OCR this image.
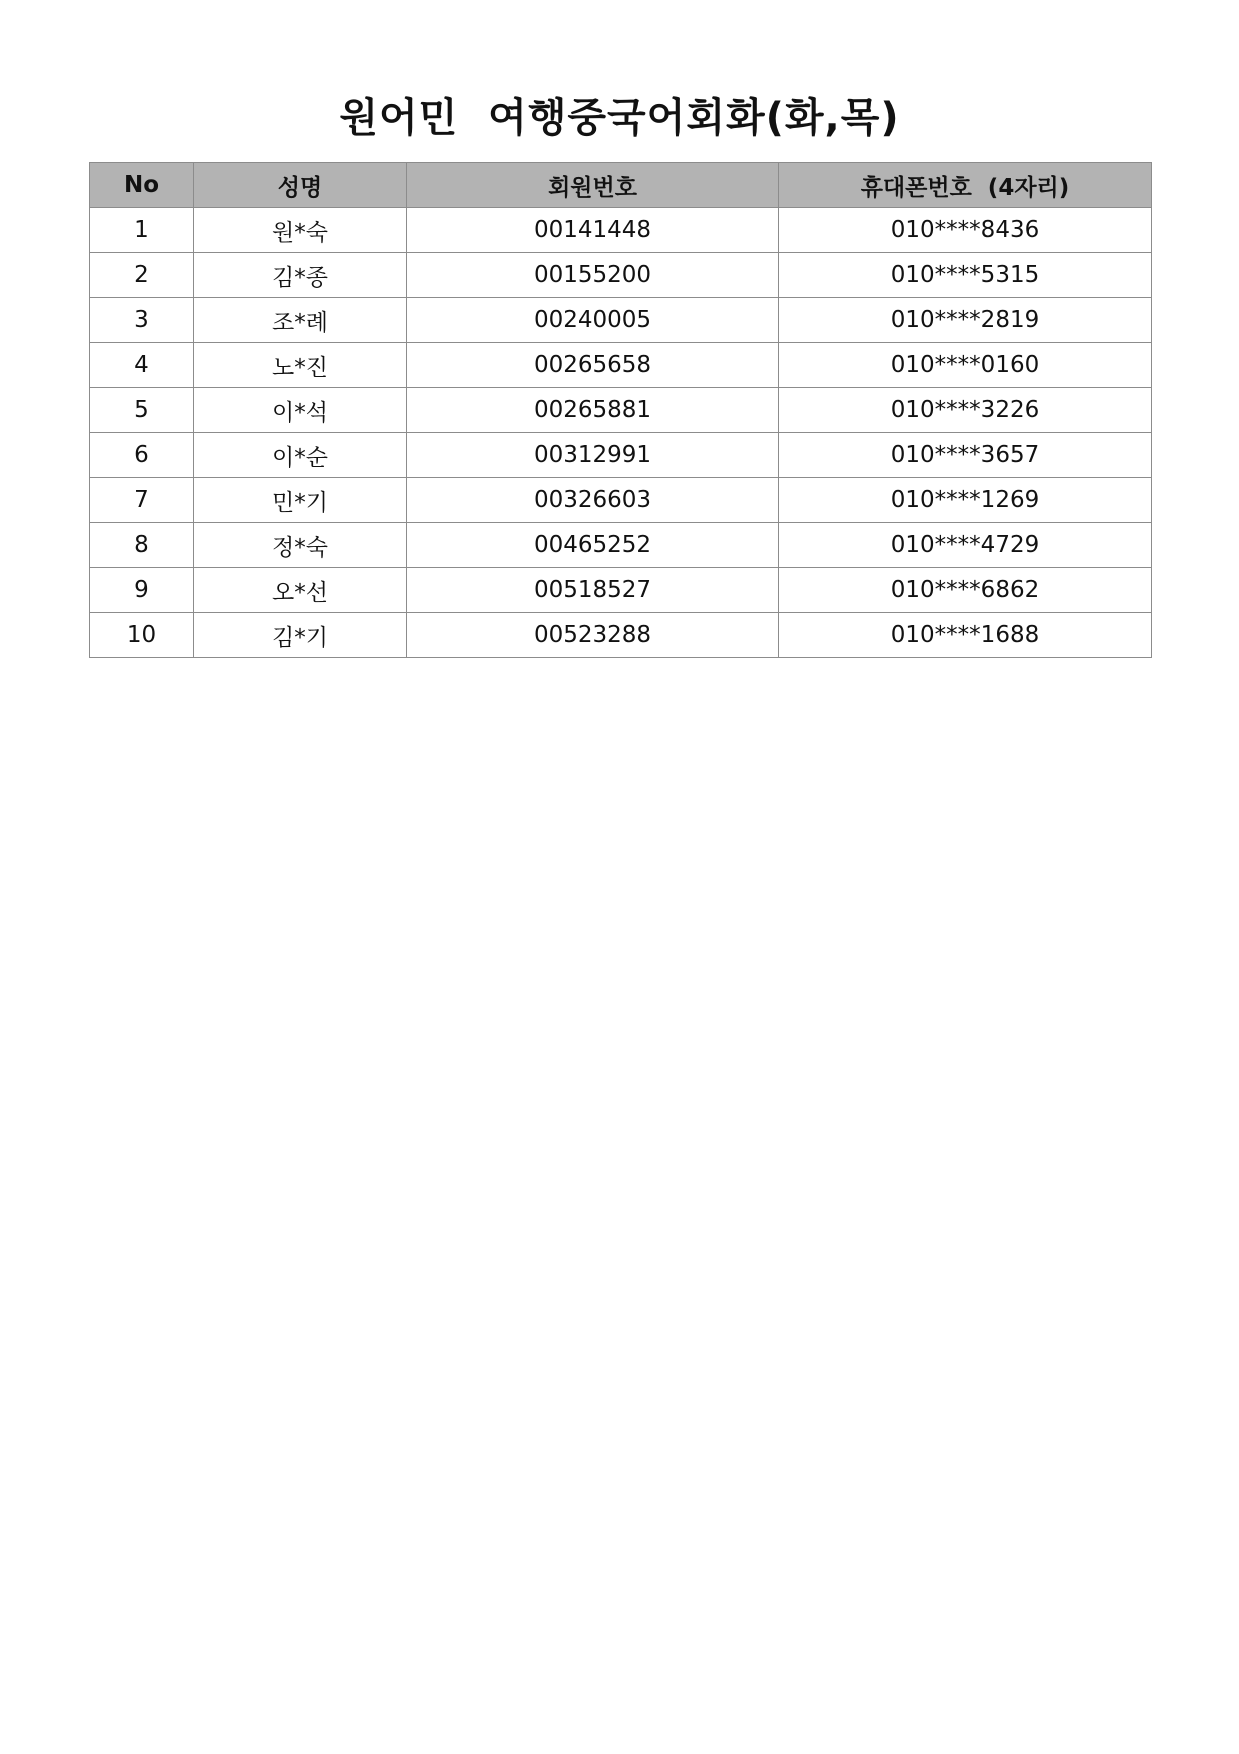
원어민  여행중국어회화(화,목)
No	성명	회원번호	휴대폰번호  (4자리)
1	원*숙	00141448	010****8436
2	김*종	00155200	010****5315
3	조*례	00240005	010****2819
4	노*진	00265658	010****0160
5	이*석	00265881	010****3226
6	이*순	00312991	010****3657
7	민*기	00326603	010****1269
8	정*숙	00465252	010****4729
9	오*선	00518527	010****6862
10	김*기	00523288	010****1688
